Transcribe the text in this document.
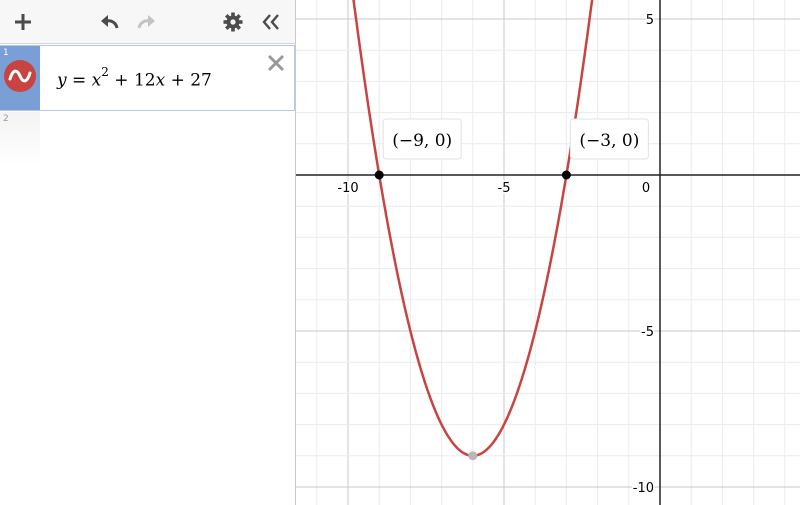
1
$y = x^2 + 12x + 27$
2
-10	-5	0
5
-5
-10
(−9, 0)	(−3, 0)
